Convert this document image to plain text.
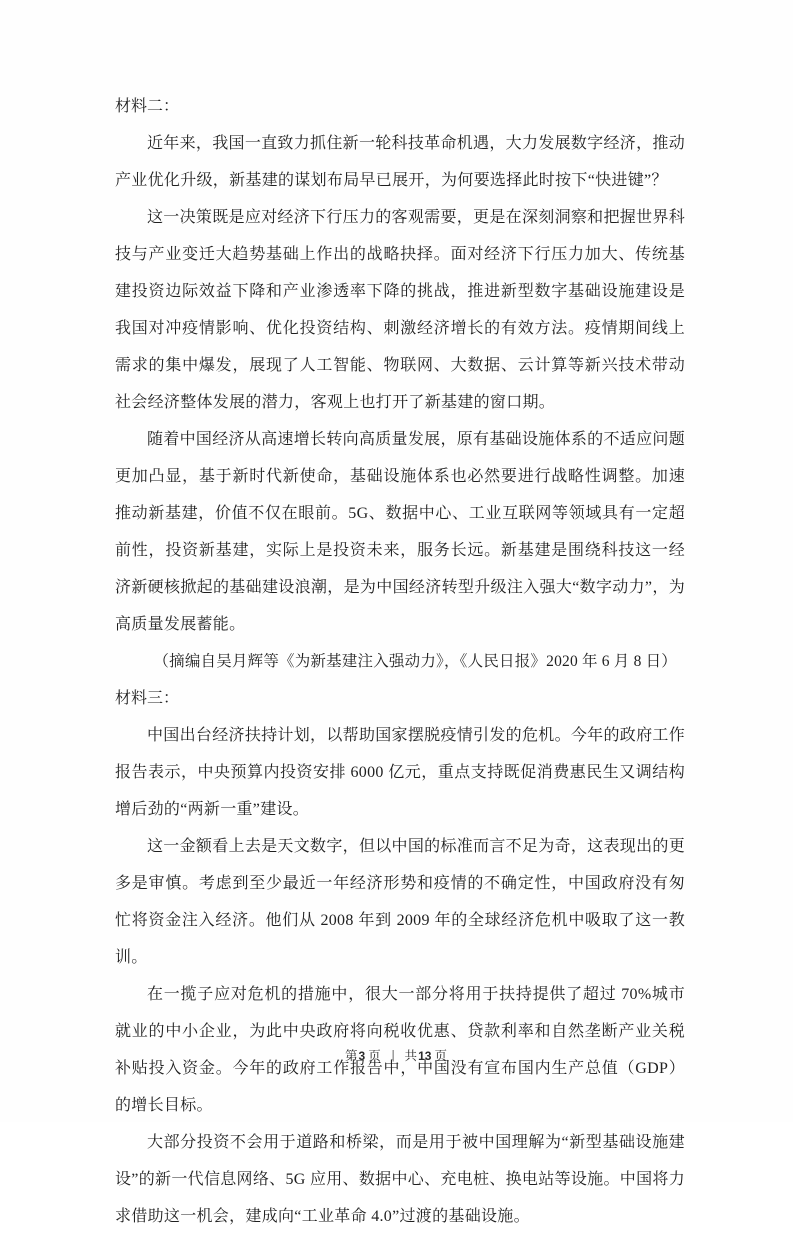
材料二：

近年来，我国一直致力抓住新一轮科技革命机遇，大力发展数字经济，推动产业优化升级，新基建的谋划布局早已展开，为何要选择此时按下“快进键”？

这一决策既是应对经济下行压力的客观需要，更是在深刻洞察和把握世界科技与产业变迁大趋势基础上作出的战略抉择。面对经济下行压力加大、传统基建投资边际效益下降和产业渗透率下降的挑战，推进新型数字基础设施建设是我国对冲疫情影响、优化投资结构、刺激经济增长的有效方法。疫情期间线上需求的集中爆发，展现了人工智能、物联网、大数据、云计算等新兴技术带动社会经济整体发展的潜力，客观上也打开了新基建的窗口期。

随着中国经济从高速增长转向高质量发展，原有基础设施体系的不适应问题更加凸显，基于新时代新使命，基础设施体系也必然要进行战略性调整。加速推动新基建，价值不仅在眼前。5G、数据中心、工业互联网等领域具有一定超前性，投资新基建，实际上是投资未来，服务长远。新基建是围绕科技这一经济新硬核掀起的基础建设浪潮，是为中国经济转型升级注入强大“数字动力”，为高质量发展蓄能。

（摘编自吴月辉等《为新基建注入强动力》，《人民日报》2020 年 6 月 8 日）

材料三：

中国出台经济扶持计划，以帮助国家摆脱疫情引发的危机。今年的政府工作报告表示，中央预算内投资安排 6000 亿元，重点支持既促消费惠民生又调结构增后劲的“两新一重”建设。

这一金额看上去是天文数字，但以中国的标准而言不足为奇，这表现出的更多是审慎。考虑到至少最近一年经济形势和疫情的不确定性，中国政府没有匆忙将资金注入经济。他们从 2008 年到 2009 年的全球经济危机中吸取了这一教训。

在一揽子应对危机的措施中，很大一部分将用于扶持提供了超过 70%城市就业的中小企业，为此中央政府将向税收优惠、贷款利率和自然垄断产业关税补贴投入资金。今年的政府工作报告中，中国没有宣布国内生产总值（GDP）的增长目标。

大部分投资不会用于道路和桥梁，而是用于被中国理解为“新型基础设施建设”的新一代信息网络、5G 应用、数据中心、充电桩、换电站等设施。中国将力求借助这一机会，建成向“工业革命 4.0”过渡的基础设施。

第3 页 | 共13 页
